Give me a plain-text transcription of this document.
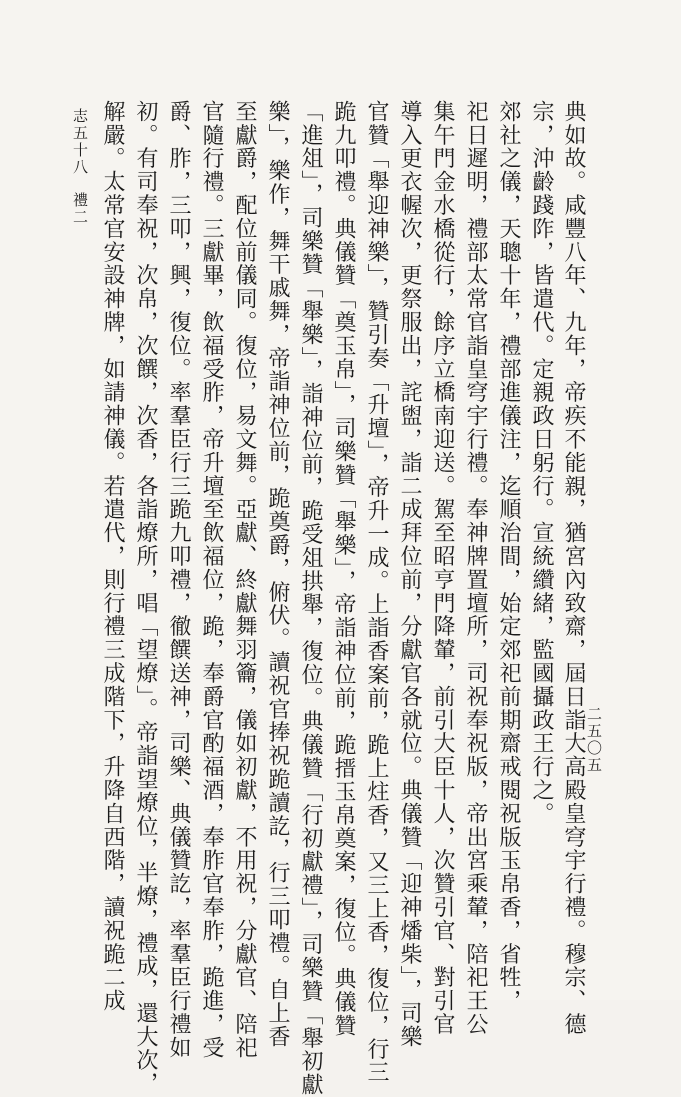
典如故。咸豐八年、九年，帝疾不能親，猶宮內致齋，屆日詣大高殿皇穹宇行禮。穆宗、德
宗，沖齡踐阼，皆遣代。定親政日躬行。宣統纘緒，監國攝政王行之。
郊社之儀，天聰十年，禮部進儀注，迄順治間，始定郊祀前期齋戒閱祝版玉帛香，省牲，
祀日遲明，禮部太常官詣皇穹宇行禮。奉神牌置壇所，司祝奉祝版，帝出宮乘輦，陪祀王公
集午門金水橋從行，餘序立橋南迎送。駕至昭亨門降輦，前引大臣十人，次贊引官、對引官
導入更衣幄次，更祭服出，詫盥，詣二成拜位前，分獻官各就位。典儀贊「迎神燔柴」，司樂
官贊「舉迎神樂」，贊引奏「升壇」，帝升一成。上詣香案前，跪上炷香，又三上香，復位，行三
跪九叩禮。典儀贊「奠玉帛」，司樂贊「舉樂」，帝詣神位前，跪搢玉帛奠案，復位。典儀贊
「進俎」，司樂贊「舉樂」，詣神位前，跪受俎拱舉，復位。典儀贊「行初獻禮」，司樂贊「舉初獻
樂」，樂作，舞干戚舞，帝詣神位前，跪奠爵，俯伏。讀祝官捧祝跪讀訖，行三叩禮。自上香
至獻爵，配位前儀同。復位，易文舞。亞獻、終獻舞羽籥，儀如初獻，不用祝，分獻官、陪祀
官隨行禮。三獻畢，飲福受胙，帝升壇至飲福位，跪，奉爵官酌福酒，奉胙官奉胙，跪進，受
爵、胙，三叩，興，復位。率羣臣行三跪九叩禮，徹饌送神，司樂、典儀贊訖，率羣臣行禮如
初。有司奉祝，次帛，次饌，次香，各詣燎所，唱「望燎」。帝詣望燎位，半燎，禮成，還大次，
解嚴。太常官安設神牌，如請神儀。若遣代，則行禮三成階下，升降自西階，讀祝跪二成
志五十八
禮二
二五〇五
